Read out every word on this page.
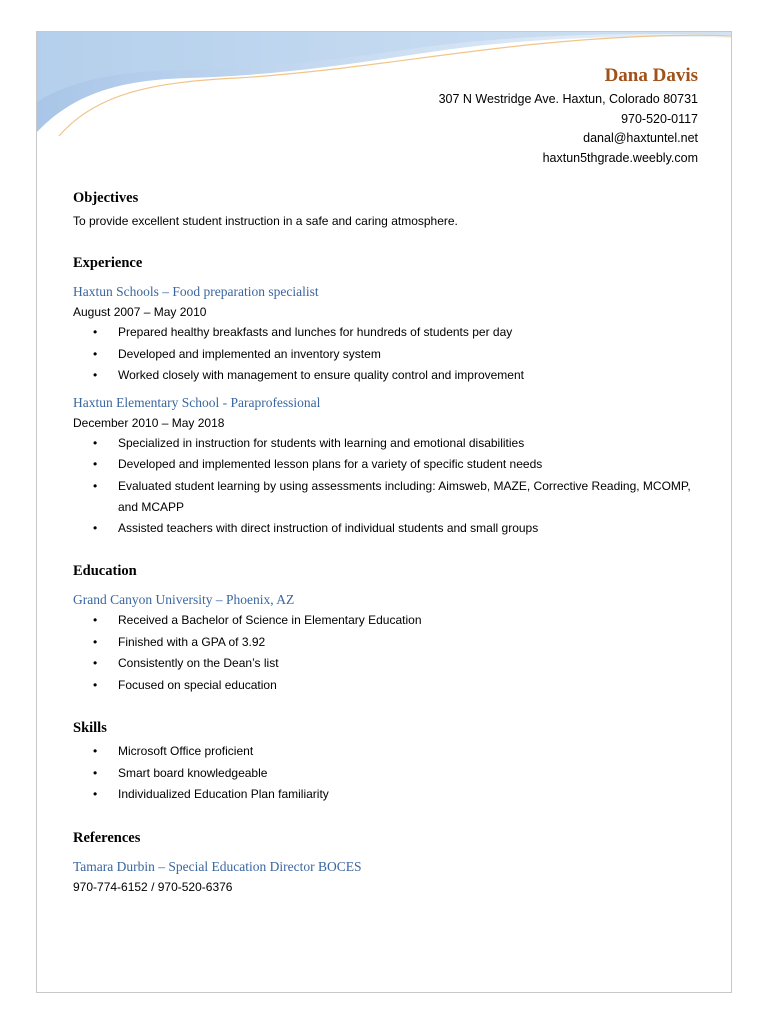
Dana Davis
307 N Westridge Ave. Haxtun, Colorado 80731
970-520-0117
danal@haxtuntel.net
haxtun5thgrade.weebly.com
Objectives
To provide excellent student instruction in a safe and caring atmosphere.
Experience
Haxtun Schools – Food preparation specialist
August 2007 – May 2010
• Prepared healthy breakfasts and lunches for hundreds of students per day
• Developed and implemented an inventory system
• Worked closely with management to ensure quality control and improvement
Haxtun Elementary School - Paraprofessional
December 2010 – May 2018
• Specialized in instruction for students with learning and emotional disabilities
• Developed and implemented lesson plans for a variety of specific student needs
• Evaluated student learning by using assessments including: Aimsweb, MAZE, Corrective Reading, MCOMP, and MCAPP
• Assisted teachers with direct instruction of individual students and small groups
Education
Grand Canyon University – Phoenix, AZ
• Received a Bachelor of Science in Elementary Education
• Finished with a GPA of 3.92
• Consistently on the Dean’s list
• Focused on special education
Skills
• Microsoft Office proficient
• Smart board knowledgeable
• Individualized Education Plan familiarity
References
Tamara Durbin – Special Education Director BOCES
970-774-6152 / 970-520-6376
